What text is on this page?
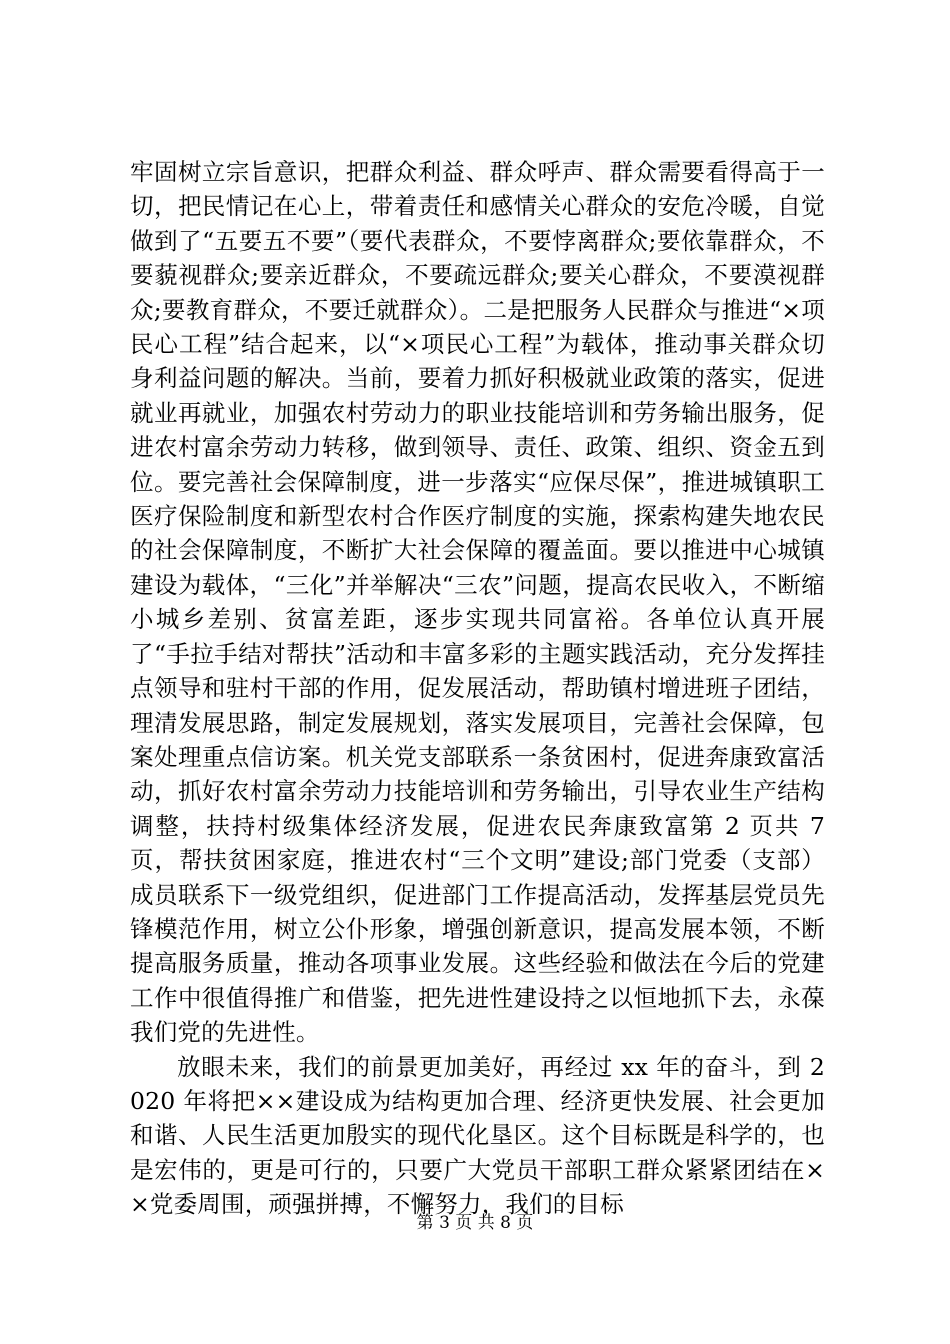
牢固树立宗旨意识，把群众利益、群众呼声、群众需要看得高于一切，把民情记在心上，带着责任和感情关心群众的安危冷暖，自觉做到了“五要五不要”（要代表群众，不要悖离群众;要依靠群众，不要藐视群众;要亲近群众，不要疏远群众;要关心群众，不要漠视群众;要教育群众，不要迁就群众）。二是把服务人民群众与推进“×项民心工程”结合起来，以“×项民心工程”为载体，推动事关群众切身利益问题的解决。当前，要着力抓好积极就业政策的落实，促进就业再就业，加强农村劳动力的职业技能培训和劳务输出服务，促进农村富余劳动力转移，做到领导、责任、政策、组织、资金五到位。要完善社会保障制度，进一步落实“应保尽保”，推进城镇职工医疗保险制度和新型农村合作医疗制度的实施，探索构建失地农民的社会保障制度，不断扩大社会保障的覆盖面。要以推进中心城镇建设为载体，“三化”并举解决“三农”问题，提高农民收入，不断缩小城乡差别、贫富差距，逐步实现共同富裕。各单位认真开展了“手拉手结对帮扶”活动和丰富多彩的主题实践活动，充分发挥挂点领导和驻村干部的作用，促发展活动，帮助镇村增进班子团结，理清发展思路，制定发展规划，落实发展项目，完善社会保障，包案处理重点信访案。机关党支部联系一条贫困村，促进奔康致富活动，抓好农村富余劳动力技能培训和劳务输出，引导农业生产结构调整，扶持村级集体经济发展，促进农民奔康致富第 2 页共 7 页，帮扶贫困家庭，推进农村“三个文明”建设;部门党委（支部）成员联系下一级党组织，促进部门工作提高活动，发挥基层党员先锋模范作用，树立公仆形象，增强创新意识，提高发展本领，不断提高服务质量，推动各项事业发展。这些经验和做法在今后的党建工作中很值得推广和借鉴，把先进性建设持之以恒地抓下去，永葆我们党的先进性。

放眼未来，我们的前景更加美好，再经过 xx 年的奋斗，到 2020 年将把××建设成为结构更加合理、经济更快发展、社会更加和谐、人民生活更加殷实的现代化垦区。这个目标既是科学的，也是宏伟的，更是可行的，只要广大党员干部职工群众紧紧团结在××党委周围，顽强拼搏，不懈努力，我们的目标

第 3 页 共 8 页
